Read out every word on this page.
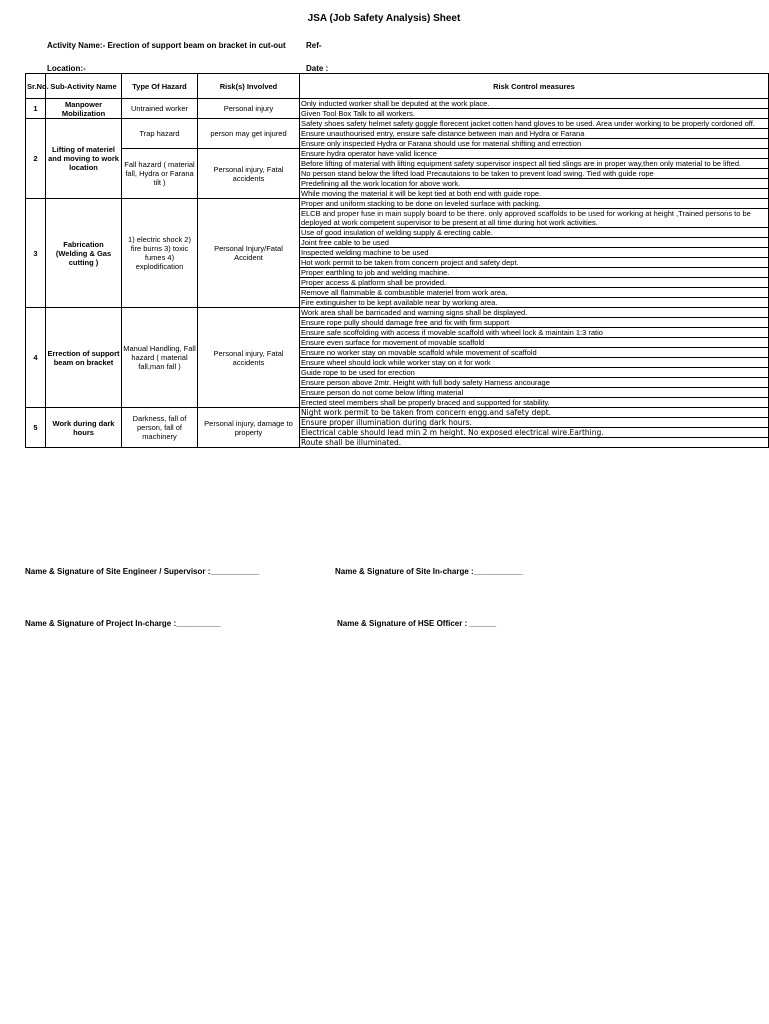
JSA (Job Safety Analysis) Sheet
Activity Name:- Erection of support beam on bracket in cut-out	Ref-
Location:-	Date :
Sr.No.	Sub-Activity Name	Type Of Hazard	Risk(s) Involved	Risk Control measures
1	Manpower Mobilization	Untrained worker	Personal injury	Only inducted worker shall be deputed at the work place.
				Given Tool Box Talk to all workers.
2	Lifting of materiel and moving to work location	Trap hazard	person may get injured	Safety shoes safety helmet safety goggle florecent jacket cotten hand gloves to be used. Area under working to be properly cordoned off.
				Ensure unauthourised entry, ensure safe distance between man and Hydra or Farana
				Ensure only inspected Hydra or Farana should use for material shifting and errection
		Fall hazard ( material fall, Hydra or Farana tilt )	Personal injury, Fatal accidents	Ensure hydra operator have valid licence
				Before lifting of material with lifting equipment safety supervisor inspect all tied slings are in proper way,then only material to be lifted.
				No person stand below the lifted load Precautaions to be taken to prevent load swing. Tied with guide rope
				Predefining all the work location for above work.
				While moving the material it will be kept tied at both end with guide rope.
3	Fabrication (Welding & Gas cutting )	1) electric shock 2) fire burns 3) toxic fumes 4) explodification	Personal Injury/Fatal Accident	Proper and uniform stacking to be done on leveled surface with packing.
				ELCB and proper fuse in main supply board to be there. only approved scaffolds to be used for working at height ,Trained persons to be deployed at work competent supervisor to be present at all time during hot work activities.
				Use of good insulation of welding supply & erecting cable.
				Joint free cable to be used
				Inspected welding machine to be used
				Hot work permit to be taken from concern project and safety dept.
				Proper earthling to job and welding machine.
				Proper access & platform shall be provided.
				Remove all flammable & combustible materiel from work area.
				Fire extinguisher to be kept available near by working area.
4	Errection of support beam on bracket	Manual Handling, Fall hazard ( material fall,man fall )	Personal injury, Fatal accidents	Work area shall be barricaded and warning signs shall be displayed.
				Ensure rope pully should damage free and fix with firm support
				Ensure safe scoffolding with access if movable scaffold with wheel lock & maintain 1:3 ratio
				Ensure even surface for movement of movable scaffold
				Ensure no worker stay on movable scaffold while movement of scaffold
				Ensure wheel should lock while worker stay on it for work
				Guide rope to be used for erection
				Ensure person above 2mtr. Height with full body safety Harness ancourage
				Ensure person do not come below lifting material
				Erected steel members shall be properly braced and supported for stability.
5	Work during dark hours	Darkness, fall of person, fall of machinery	Personal injury, damage to property	Night work permit to be taken from concern engg.and safety dept.
				Ensure proper illumination during dark hours.
				Electrical cable should lead min 2 m height. No exposed electrical wire.Earthing.
				Route shall be illuminated.
Name & Signature of Site Engineer / Supervisor :___________	Name & Signature of Site In-charge :___________
Name & Signature of Project In-charge :__________	Name & Signature of HSE Officer : ______
